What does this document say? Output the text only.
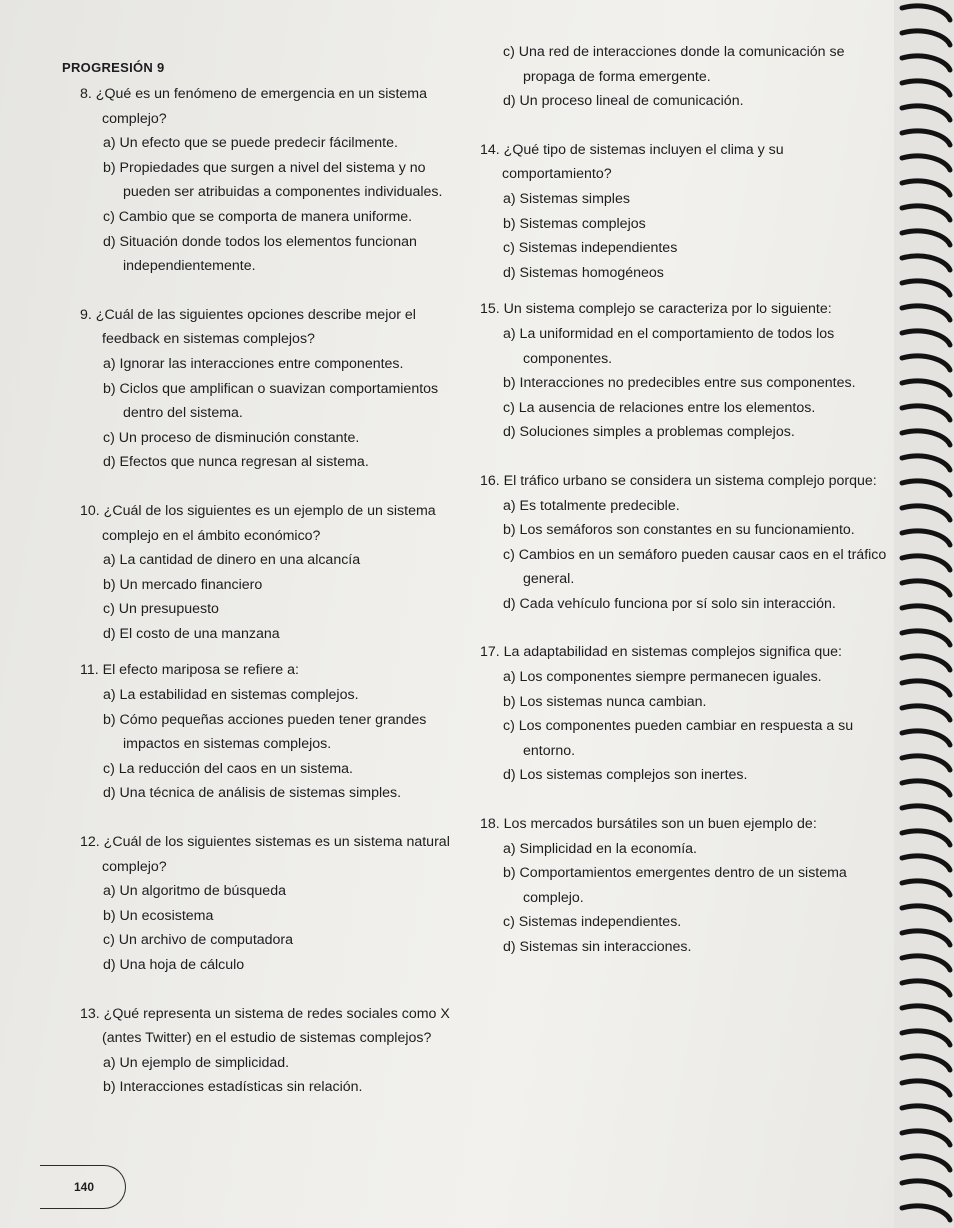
PROGRESIÓN 9
8. ¿Qué es un fenómeno de emergencia en un sistema complejo?
a) Un efecto que se puede predecir fácilmente.
b) Propiedades que surgen a nivel del sistema y no pueden ser atribuidas a componentes individuales.
c) Cambio que se comporta de manera uniforme.
d) Situación donde todos los elementos funcionan independientemente.
9. ¿Cuál de las siguientes opciones describe mejor el feedback en sistemas complejos?
a) Ignorar las interacciones entre componentes.
b) Ciclos que amplifican o suavizan comportamientos dentro del sistema.
c) Un proceso de disminución constante.
d) Efectos que nunca regresan al sistema.
10. ¿Cuál de los siguientes es un ejemplo de un sistema complejo en el ámbito económico?
a) La cantidad de dinero en una alcancía
b) Un mercado financiero
c) Un presupuesto
d) El costo de una manzana
11. El efecto mariposa se refiere a:
a) La estabilidad en sistemas complejos.
b) Cómo pequeñas acciones pueden tener grandes impactos en sistemas complejos.
c) La reducción del caos en un sistema.
d) Una técnica de análisis de sistemas simples.
12. ¿Cuál de los siguientes sistemas es un sistema natural complejo?
a) Un algoritmo de búsqueda
b) Un ecosistema
c) Un archivo de computadora
d) Una hoja de cálculo
13. ¿Qué representa un sistema de redes sociales como X (antes Twitter) en el estudio de sistemas complejos?
a) Un ejemplo de simplicidad.
b) Interacciones estadísticas sin relación.
c) Una red de interacciones donde la comunicación se propaga de forma emergente.
d) Un proceso lineal de comunicación.
14. ¿Qué tipo de sistemas incluyen el clima y su comportamiento?
a) Sistemas simples
b) Sistemas complejos
c) Sistemas independientes
d) Sistemas homogéneos
15. Un sistema complejo se caracteriza por lo siguiente:
a) La uniformidad en el comportamiento de todos los componentes.
b) Interacciones no predecibles entre sus componentes.
c) La ausencia de relaciones entre los elementos.
d) Soluciones simples a problemas complejos.
16. El tráfico urbano se considera un sistema complejo porque:
a) Es totalmente predecible.
b) Los semáforos son constantes en su funcionamiento.
c) Cambios en un semáforo pueden causar caos en el tráfico general.
d) Cada vehículo funciona por sí solo sin interacción.
17. La adaptabilidad en sistemas complejos significa que:
a) Los componentes siempre permanecen iguales.
b) Los sistemas nunca cambian.
c) Los componentes pueden cambiar en respuesta a su entorno.
d) Los sistemas complejos son inertes.
18. Los mercados bursátiles son un buen ejemplo de:
a) Simplicidad en la economía.
b) Comportamientos emergentes dentro de un sistema complejo.
c) Sistemas independientes.
d) Sistemas sin interacciones.
140
